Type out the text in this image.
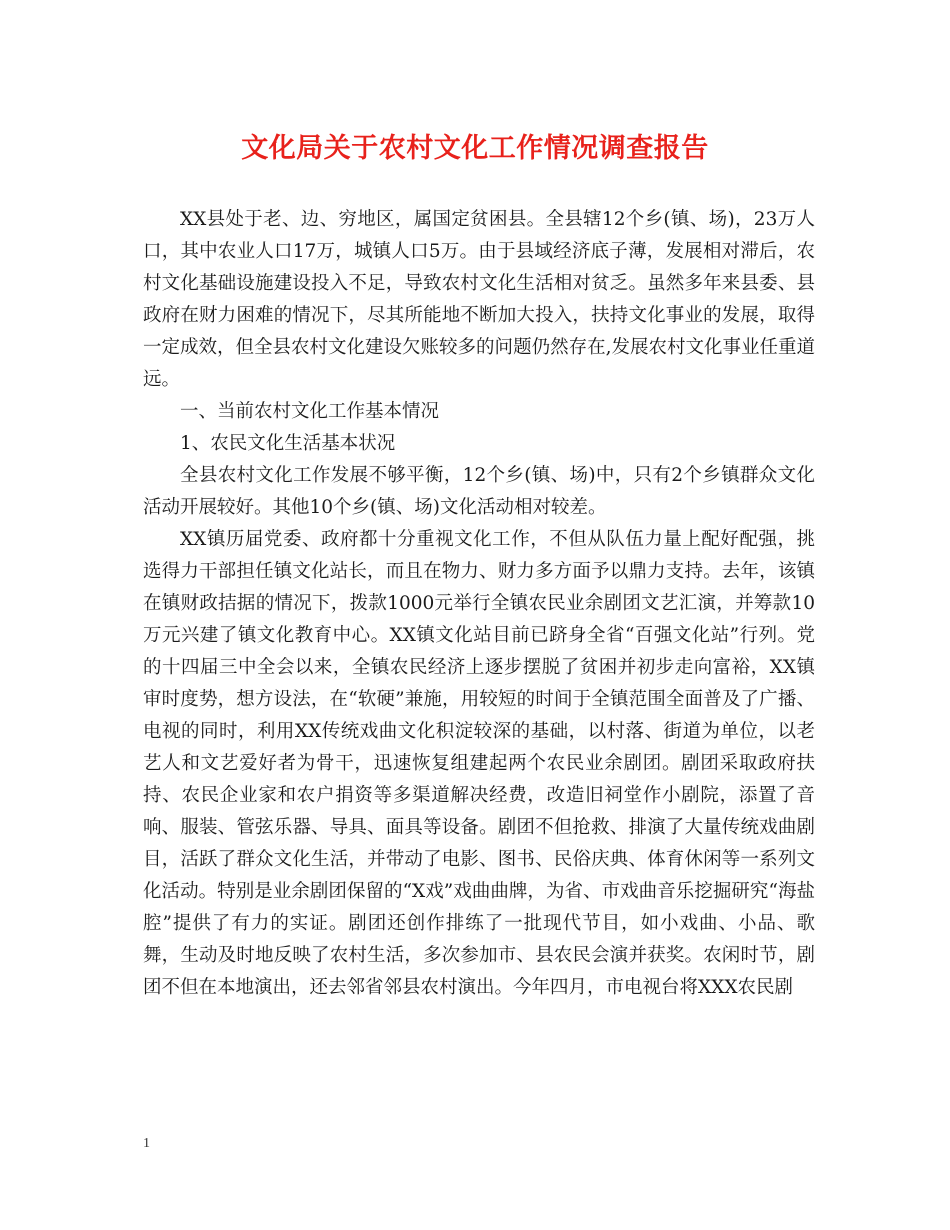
文化局关于农村文化工作情况调查报告

XX县处于老、边、穷地区，属国定贫困县。全县辖12个乡(镇、场)，23万人口，其中农业人口17万，城镇人口5万。由于县域经济底子薄，发展相对滞后，农村文化基础设施建设投入不足，导致农村文化生活相对贫乏。虽然多年来县委、县政府在财力困难的情况下，尽其所能地不断加大投入，扶持文化事业的发展，取得一定成效，但全县农村文化建设欠账较多的问题仍然存在,发展农村文化事业任重道远。

一、当前农村文化工作基本情况

1、农民文化生活基本状况

全县农村文化工作发展不够平衡，12个乡(镇、场)中，只有2个乡镇群众文化活动开展较好。其他10个乡(镇、场)文化活动相对较差。

XX镇历届党委、政府都十分重视文化工作，不但从队伍力量上配好配强，挑选得力干部担任镇文化站长，而且在物力、财力多方面予以鼎力支持。去年，该镇在镇财政拮据的情况下，拨款1000元举行全镇农民业余剧团文艺汇演，并筹款10万元兴建了镇文化教育中心。XX镇文化站目前已跻身全省“百强文化站”行列。党的十四届三中全会以来，全镇农民经济上逐步摆脱了贫困并初步走向富裕，XX镇审时度势，想方设法，在“软硬”兼施，用较短的时间于全镇范围全面普及了广播、电视的同时，利用XX传统戏曲文化积淀较深的基础，以村落、街道为单位，以老艺人和文艺爱好者为骨干，迅速恢复组建起两个农民业余剧团。剧团采取政府扶持、农民企业家和农户捐资等多渠道解决经费，改造旧祠堂作小剧院，添置了音响、服装、管弦乐器、导具、面具等设备。剧团不但抢救、排演了大量传统戏曲剧目，活跃了群众文化生活，并带动了电影、图书、民俗庆典、体育休闲等一系列文化活动。特别是业余剧团保留的“X戏”戏曲曲牌，为省、市戏曲音乐挖掘研究“海盐腔”提供了有力的实证。剧团还创作排练了一批现代节目，如小戏曲、小品、歌舞，生动及时地反映了农村生活，多次参加市、县农民会演并获奖。农闲时节，剧团不但在本地演出，还去邻省邻县农村演出。今年四月，市电视台将XXX农民剧

1
